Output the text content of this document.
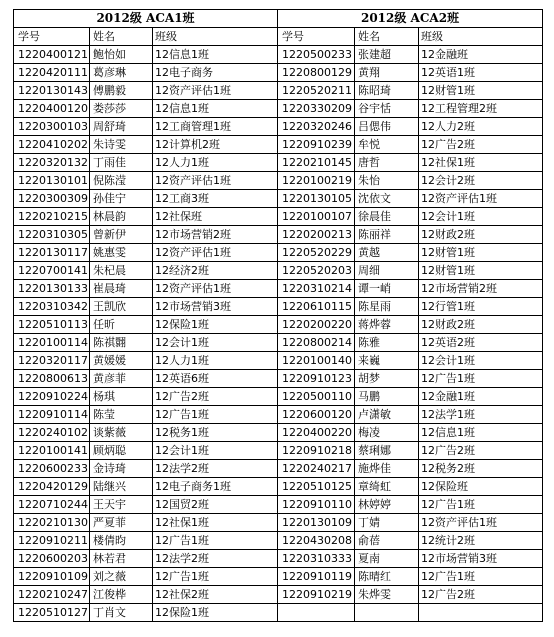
2012级 ACA1班			2012级 ACA2班		
学号	姓名	班级	学号	姓名	班级
1220400121	鲍怡如	12信息1班	1220500233	张建超	12金融班
1220420111	葛彦琳	12电子商务	1220800129	黄翔	12英语1班
1220130143	傅鹏毅	12资产评估1班	1220520211	陈昭琦	12财管1班
1220400120	娄莎莎	12信息1班	1220330209	谷宇恬	12工程管理2班
1220300103	周舒琦	12工商管理1班	1220320246	吕偲伟	12人力2班
1220410202	朱诗雯	12计算机2班	1220910239	牟悦	12广告2班
1220320132	丁雨佳	12人力1班	1220210145	唐哲	12社保1班
1220130101	倪陈滢	12资产评估1班	1220100219	朱怡	12会计2班
1220300309	孙佳宁	12工商3班	1220130105	沈依文	12资产评估1班
1220210215	林晨韵	12社保班	1220100107	徐晨佳	12会计1班
1220310305	曾新伊	12市场营销2班	1220200213	陈丽祥	12财政2班
1220130117	姚惠雯	12资产评估1班	1220520229	黄越	12财管1班
1220700141	朱杞晨	12经济2班	1220520203	周细	12财管1班
1220130133	崔晨琦	12资产评估1班	1220310214	谭一峭	12市场营销2班
1220310342	王凯欣	12市场营销3班	1220610115	陈星雨	12行管1班
1220510113	任昕	12保险1班	1220200220	蒋烨蓉	12财政2班
1220100114	陈祺翾	12会计1班	1220800214	陈雅	12英语2班
1220320117	黄媛媛	12人力1班	1220100140	来巍	12会计1班
1220800613	黄彦菲	12英语6班	1220910123	胡梦	12广告1班
1220910224	杨琪	12广告2班	1220500110	马鹏	12金融1班
1220910114	陈莹	12广告1班	1220600120	卢潇敏	12法学1班
1220240102	谈紫薇	12税务1班	1220400220	梅凌	12信息1班
1220100141	顾炳聪	12会计1班	1220910218	蔡琍娜	12广告2班
1220600233	金诗琦	12法学2班	1220240217	施烨佳	12税务2班
1220420129	陆继兴	12电子商务1班	1220510125	章绮虹	12保险班
1220710244	王天宇	12国贸2班	1220910110	林婷婷	12广告1班
1220210130	严夏菲	12社保1班	1220130109	丁婧	12资产评估1班
1220910211	楼倩昀	12广告1班	1220430208	俞蓓	12统计2班
1220600203	林若君	12法学2班	1220310333	夏南	12市场营销3班
1220910109	刘之薇	12广告1班	1220910119	陈晴红	12广告1班
1220210247	江俊桦	12社保2班	1220910219	朱烨雯	12广告2班
1220510127	丁肖文	12保险1班			
